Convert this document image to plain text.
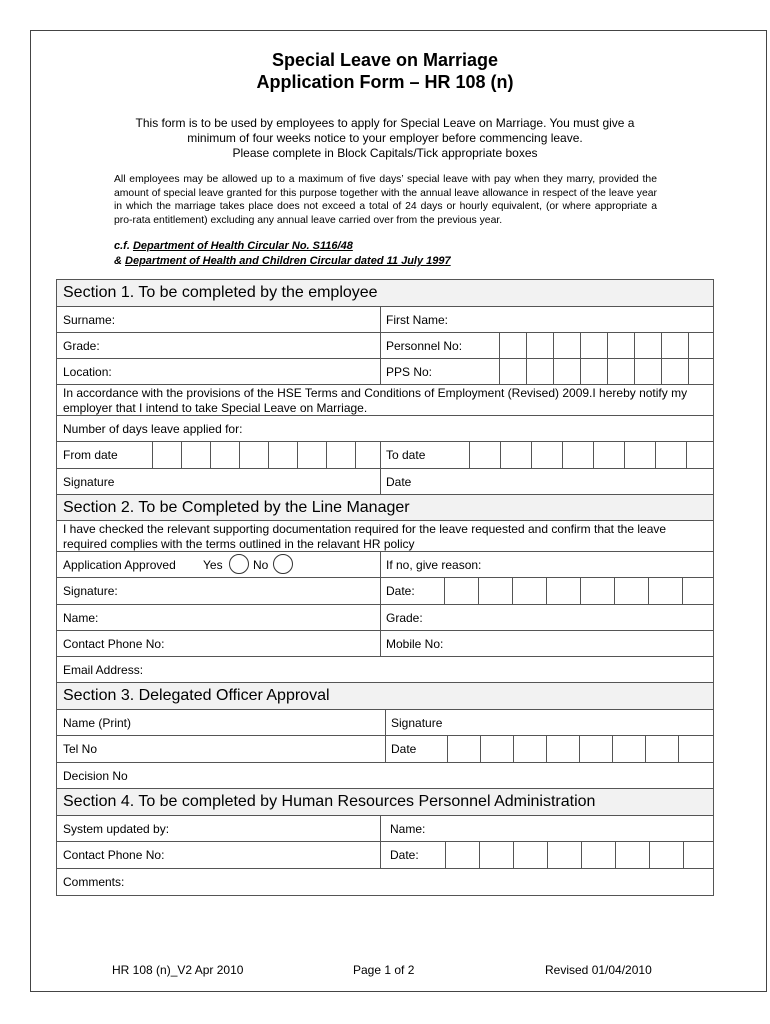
Special Leave on Marriage
Application Form – HR 108 (n)
This form is to be used by employees to apply for Special Leave on Marriage. You must give a
minimum of four weeks notice to your employer before commencing leave.
Please complete in Block Capitals/Tick appropriate boxes
All employees may be allowed up to a maximum of five days’ special leave with pay when they marry, provided the amount of special leave granted for this purpose together with the annual leave allowance in respect of the leave year in which the marriage takes place does not exceed a total of 24 days or hourly equivalent, (or where appropriate a pro-rata entitlement) excluding any annual leave carried over from the previous year.
c.f. Department of Health Circular No. S116/48
& Department of Health and Children Circular dated 11 July 1997
Section 1. To be completed by the employee
Surname:	First Name:
Grade:	Personnel No:
Location:	PPS No:
In accordance with the provisions of the HSE Terms and Conditions of Employment (Revised) 2009.I hereby notify my employer that I intend to take Special Leave on Marriage.
Number of days leave applied for:
From date	To date
Signature	Date
Section 2. To be Completed by the Line Manager
I have checked the relevant supporting documentation required for the leave requested and confirm that the leave required complies with the terms outlined in the relavant HR policy
Application Approved Yes	No	If no, give reason:
Signature:	Date:
Name:	Grade:
Contact Phone No:	Mobile No:
Email Address:
Section 3. Delegated Officer Approval
Name (Print)	Signature
Tel No	Date
Decision No
Section 4. To be completed by Human Resources Personnel Administration
System updated by:	Name:
Contact Phone No:	Date:
Comments:
HR 108 (n)_V2 Apr 2010	Page 1 of 2	Revised 01/04/2010
